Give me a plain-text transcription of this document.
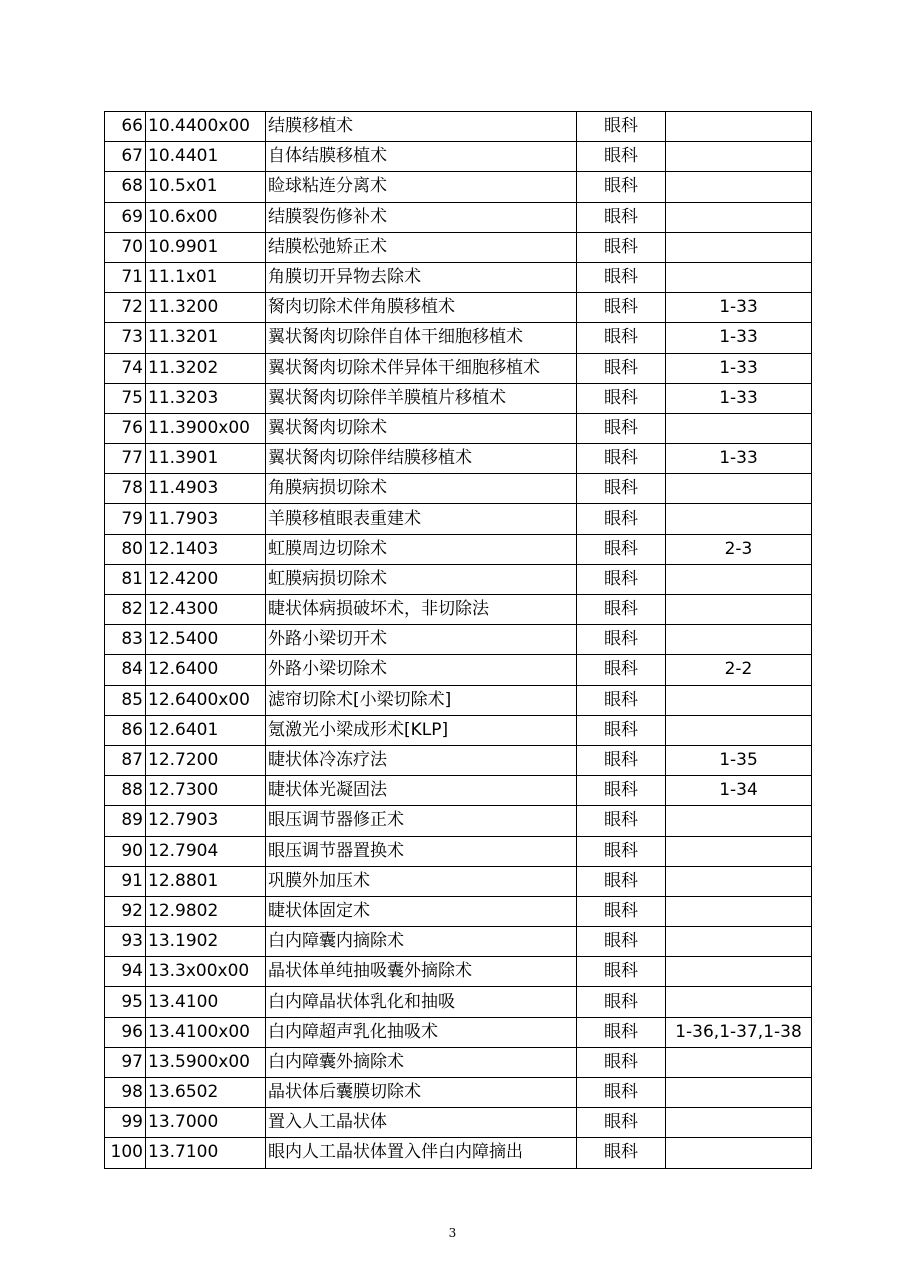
66	10.4400x00	结膜移植术	眼科	
67	10.4401	自体结膜移植术	眼科	
68	10.5x01	睑球粘连分离术	眼科	
69	10.6x00	结膜裂伤修补术	眼科	
70	10.9901	结膜松弛矫正术	眼科	
71	11.1x01	角膜切开异物去除术	眼科	
72	11.3200	胬肉切除术伴角膜移植术	眼科	1-33
73	11.3201	翼状胬肉切除伴自体干细胞移植术	眼科	1-33
74	11.3202	翼状胬肉切除术伴异体干细胞移植术	眼科	1-33
75	11.3203	翼状胬肉切除伴羊膜植片移植术	眼科	1-33
76	11.3900x00	翼状胬肉切除术	眼科	
77	11.3901	翼状胬肉切除伴结膜移植术	眼科	1-33
78	11.4903	角膜病损切除术	眼科	
79	11.7903	羊膜移植眼表重建术	眼科	
80	12.1403	虹膜周边切除术	眼科	2-3
81	12.4200	虹膜病损切除术	眼科	
82	12.4300	睫状体病损破坏术，非切除法	眼科	
83	12.5400	外路小梁切开术	眼科	
84	12.6400	外路小梁切除术	眼科	2-2
85	12.6400x00	滤帘切除术[小梁切除术]	眼科	
86	12.6401	氪激光小梁成形术[KLP]	眼科	
87	12.7200	睫状体冷冻疗法	眼科	1-35
88	12.7300	睫状体光凝固法	眼科	1-34
89	12.7903	眼压调节器修正术	眼科	
90	12.7904	眼压调节器置换术	眼科	
91	12.8801	巩膜外加压术	眼科	
92	12.9802	睫状体固定术	眼科	
93	13.1902	白内障囊内摘除术	眼科	
94	13.3x00x00	晶状体单纯抽吸囊外摘除术	眼科	
95	13.4100	白内障晶状体乳化和抽吸	眼科	
96	13.4100x00	白内障超声乳化抽吸术	眼科	1-36,1-37,1-38
97	13.5900x00	白内障囊外摘除术	眼科	
98	13.6502	晶状体后囊膜切除术	眼科	
99	13.7000	置入人工晶状体	眼科	
100	13.7100	眼内人工晶状体置入伴白内障摘出	眼科	
3
